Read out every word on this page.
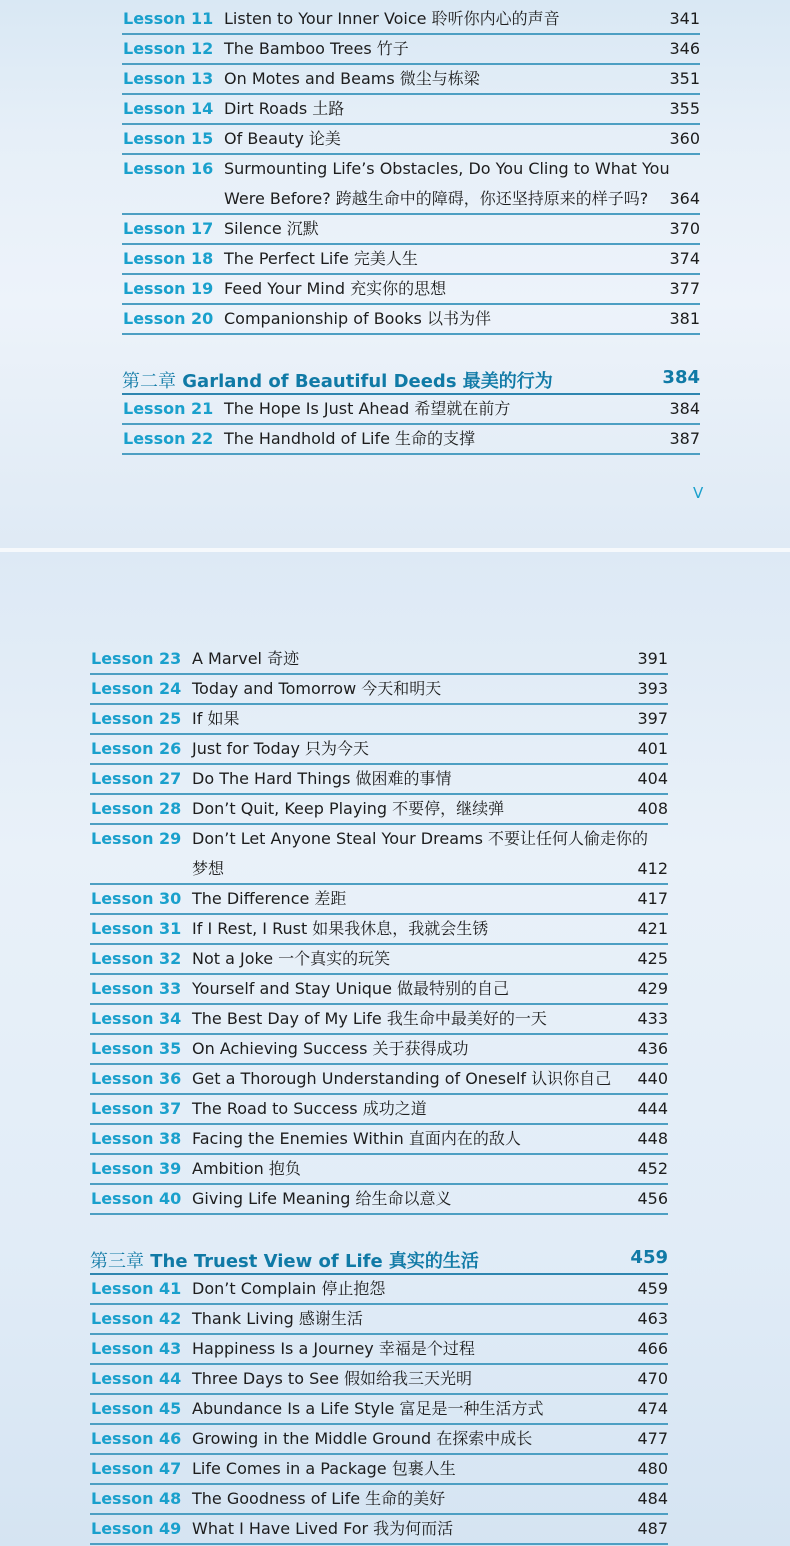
Lesson 11 Listen to Your Inner Voice 聆听你内心的声音	341
Lesson 12 The Bamboo Trees 竹子	346
Lesson 13 On Motes and Beams 微尘与栋梁	351
Lesson 14 Dirt Roads 土路	355
Lesson 15 Of Beauty 论美	360
Lesson 16 Surmounting Life’s Obstacles, Do You Cling to What You Were Before? 跨越生命中的障碍，你还坚持原来的样子吗?	364
Lesson 17 Silence 沉默	370
Lesson 18 The Perfect Life 完美人生	374
Lesson 19 Feed Your Mind 充实你的思想	377
Lesson 20 Companionship of Books 以书为伴	381
第二章 Garland of Beautiful Deeds 最美的行为	384
Lesson 21 The Hope Is Just Ahead 希望就在前方	384
Lesson 22 The Handhold of Life 生命的支撑	387
V
Lesson 23 A Marvel 奇迹	391
Lesson 24 Today and Tomorrow 今天和明天	393
Lesson 25 If 如果	397
Lesson 26 Just for Today 只为今天	401
Lesson 27 Do The Hard Things 做困难的事情	404
Lesson 28 Don’t Quit, Keep Playing 不要停，继续弹	408
Lesson 29 Don’t Let Anyone Steal Your Dreams 不要让任何人偷走你的梦想	412
Lesson 30 The Difference 差距	417
Lesson 31 If I Rest, I Rust 如果我休息，我就会生锈	421
Lesson 32 Not a Joke 一个真实的玩笑	425
Lesson 33 Yourself and Stay Unique 做最特别的自己	429
Lesson 34 The Best Day of My Life 我生命中最美好的一天	433
Lesson 35 On Achieving Success 关于获得成功	436
Lesson 36 Get a Thorough Understanding of Oneself 认识你自己	440
Lesson 37 The Road to Success 成功之道	444
Lesson 38 Facing the Enemies Within 直面内在的敌人	448
Lesson 39 Ambition 抱负	452
Lesson 40 Giving Life Meaning 给生命以意义	456
第三章 The Truest View of Life 真实的生活	459
Lesson 41 Don’t Complain 停止抱怨	459
Lesson 42 Thank Living 感谢生活	463
Lesson 43 Happiness Is a Journey 幸福是个过程	466
Lesson 44 Three Days to See 假如给我三天光明	470
Lesson 45 Abundance Is a Life Style 富足是一种生活方式	474
Lesson 46 Growing in the Middle Ground 在探索中成长	477
Lesson 47 Life Comes in a Package 包裹人生	480
Lesson 48 The Goodness of Life 生命的美好	484
Lesson 49 What I Have Lived For 我为何而活	487
